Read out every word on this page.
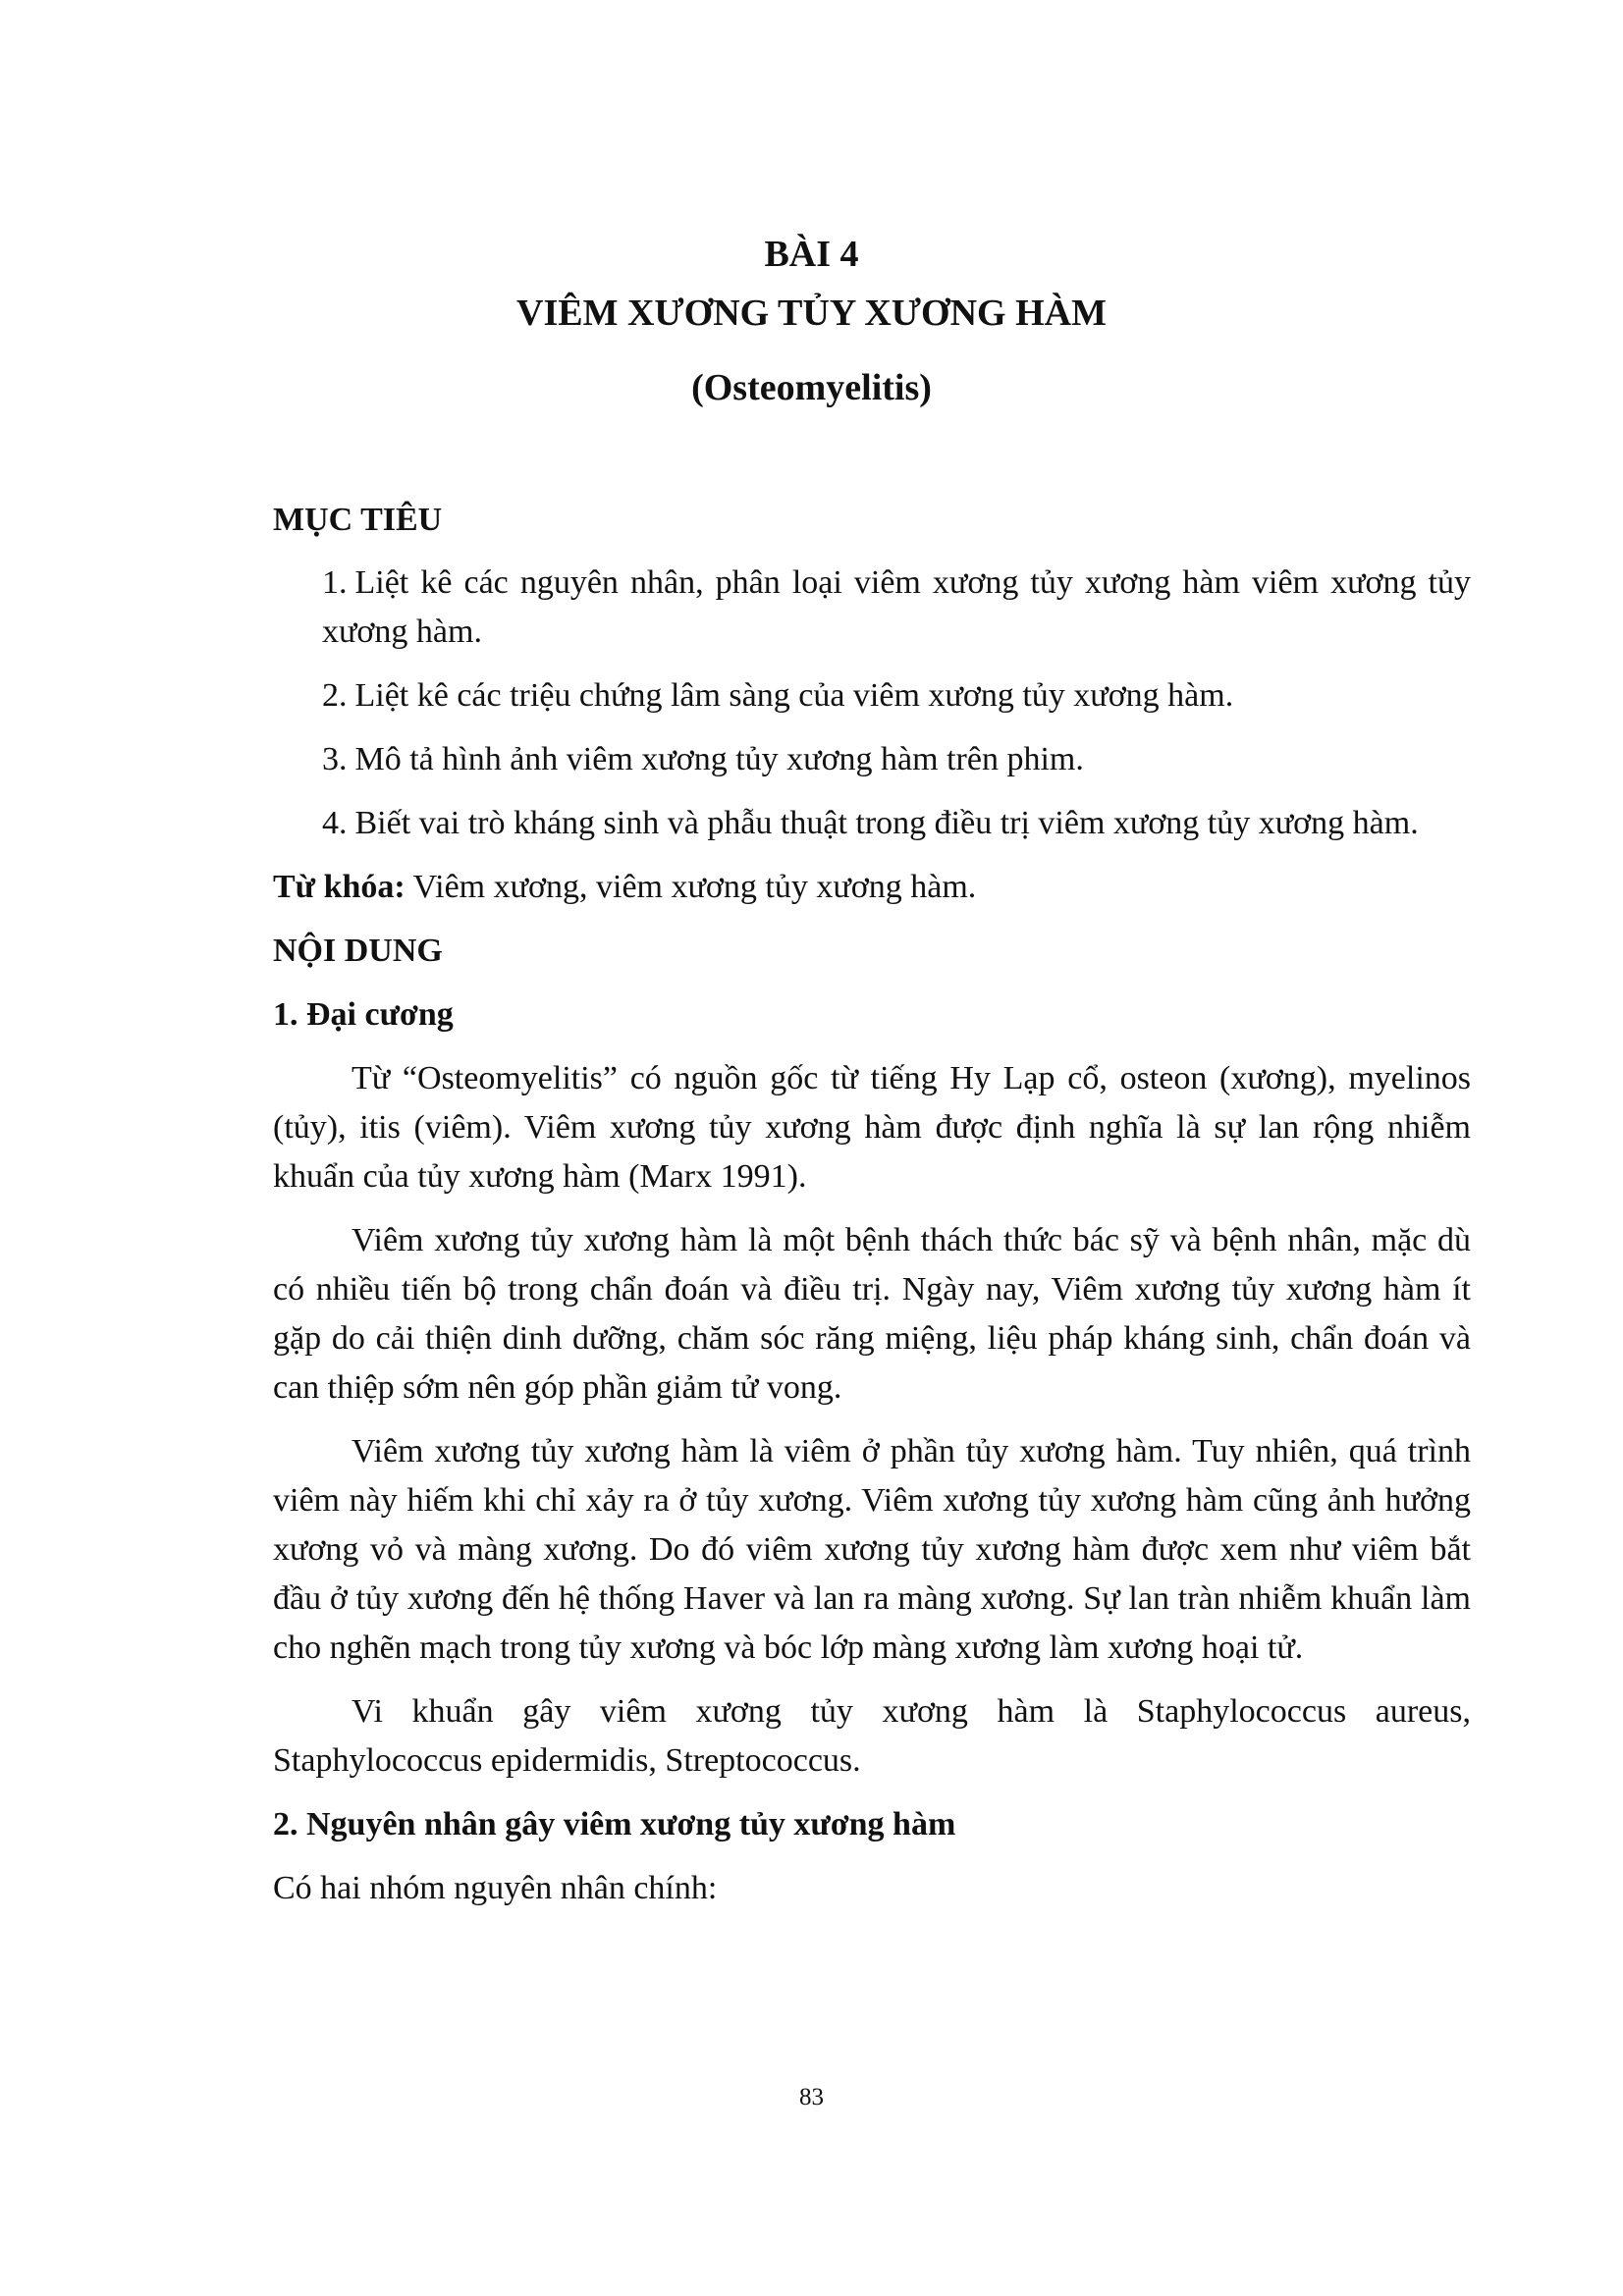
BÀI 4
VIÊM XƯƠNG TỦY XƯƠNG HÀM
(Osteomyelitis)

MỤC TIÊU

1. Liệt kê các nguyên nhân, phân loại viêm xương tủy xương hàm viêm xương tủy xương hàm.

2. Liệt kê các triệu chứng lâm sàng của viêm xương tủy xương hàm.

3. Mô tả hình ảnh viêm xương tủy xương hàm trên phim.

4. Biết vai trò kháng sinh và phẫu thuật trong điều trị viêm xương tủy xương hàm.

Từ khóa: Viêm xương, viêm xương tủy xương hàm.

NỘI DUNG

1. Đại cương

Từ “Osteomyelitis” có nguồn gốc từ tiếng Hy Lạp cổ, osteon (xương), myelinos (tủy), itis (viêm). Viêm xương tủy xương hàm được định nghĩa là sự lan rộng nhiễm khuẩn của tủy xương hàm (Marx 1991).

Viêm xương tủy xương hàm là một bệnh thách thức bác sỹ và bệnh nhân, mặc dù có nhiều tiến bộ trong chẩn đoán và điều trị. Ngày nay, Viêm xương tủy xương hàm ít gặp do cải thiện dinh dưỡng, chăm sóc răng miệng, liệu pháp kháng sinh, chẩn đoán và can thiệp sớm nên góp phần giảm tử vong.

Viêm xương tủy xương hàm là viêm ở phần tủy xương hàm. Tuy nhiên, quá trình viêm này hiếm khi chỉ xảy ra ở tủy xương. Viêm xương tủy xương hàm cũng ảnh hưởng xương vỏ và màng xương. Do đó viêm xương tủy xương hàm được xem như viêm bắt đầu ở tủy xương đến hệ thống Haver và lan ra màng xương. Sự lan tràn nhiễm khuẩn làm cho nghẽn mạch trong tủy xương và bóc lớp màng xương làm xương hoại tử.

Vi khuẩn gây viêm xương tủy xương hàm là Staphylococcus aureus, Staphylococcus epidermidis, Streptococcus.

2. Nguyên nhân gây viêm xương tủy xương hàm

Có hai nhóm nguyên nhân chính:

83
